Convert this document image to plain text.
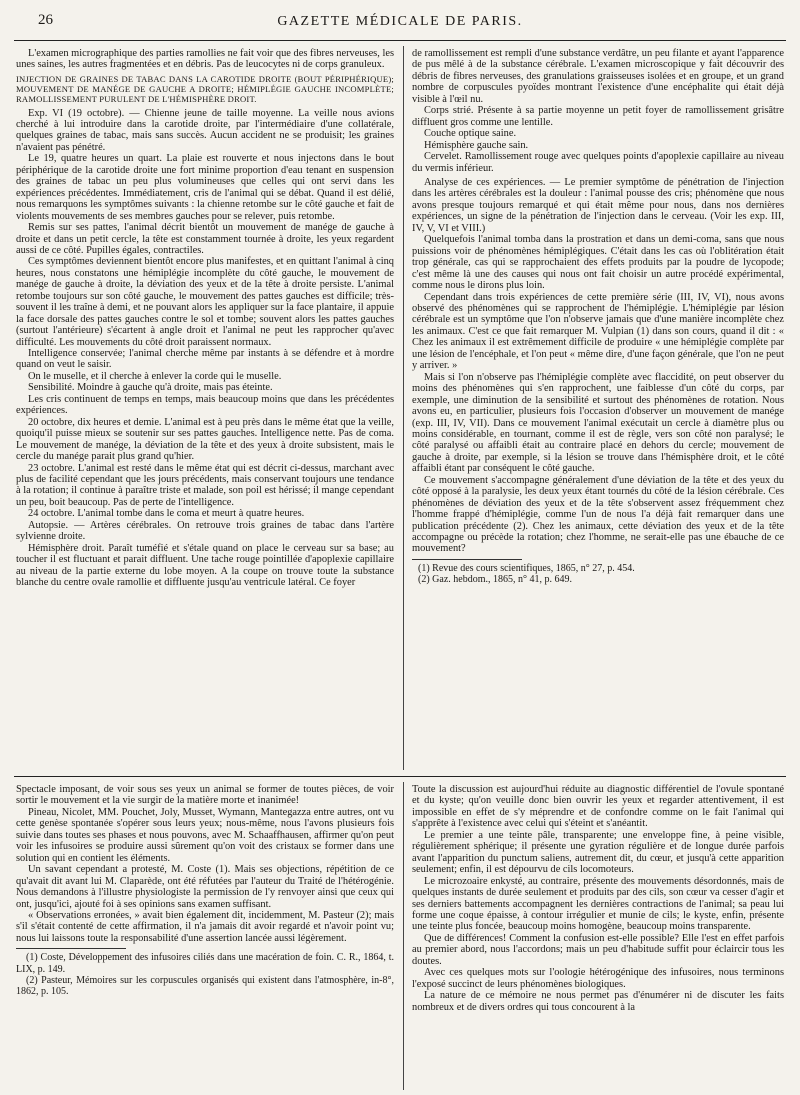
26	GAZETTE MÉDICALE DE PARIS.

L'examen micrographique des parties ramollies ne fait voir que des fibres nerveuses, les unes saines, les autres fragmentées et en débris. Pas de leucocytes ni de corps granuleux.

INJECTION DE GRAINES DE TABAC DANS LA CAROTIDE DROITE (BOUT PÉRIPHÉRIQUE); MOUVEMENT DE MANÉGE DE GAUCHE A DROITE; HÉMIPLÉGIE GAUCHE INCOMPLÈTE; RAMOLLISSEMENT PURULENT DE L'HÉMISPHÈRE DROIT.

Exp. VI (19 octobre). — Chienne jeune de taille moyenne. La veille nous avions cherché à lui introduire dans la carotide droite, par l'intermédiaire d'une collatérale, quelques graines de tabac, mais sans succès. Aucun accident ne se produisit; les graines n'avaient pas pénétré.

Le 19, quatre heures un quart. La plaie est rouverte et nous injectons dans le bout périphérique de la carotide droite une fort minime proportion d'eau tenant en suspension des graines de tabac un peu plus volumineuses que celles qui ont servi dans les expériences précédentes. Immédiatement, cris de l'animal qui se débat. Quand il est délié, nous remarquons les symptômes suivants : la chienne retombe sur le côté gauche et fait de violents mouvements de ses membres gauches pour se relever, puis retombe.

Remis sur ses pattes, l'animal décrit bientôt un mouvement de manége de gauche à droite et dans un petit cercle, la tête est constamment tournée à droite, les yeux regardent aussi de ce côté. Pupilles égales, contractiles.

Ces symptômes deviennent bientôt encore plus manifestes, et en quittant l'animal à cinq heures, nous constatons une hémiplégie incomplète du côté gauche, le mouvement de manége de gauche à droite, la déviation des yeux et de la tête à droite persiste. L'animal retombe toujours sur son côté gauche, le mouvement des pattes gauches est difficile; très-souvent il les traîne à demi, et ne pouvant alors les appliquer sur la face plantaire, il appuie la face dorsale des pattes gauches contre le sol et tombe; souvent alors les pattes gauches (surtout l'antérieure) s'écartent à angle droit et l'animal ne peut les rapprocher qu'avec difficulté. Les mouvements du côté droit paraissent normaux.

Intelligence conservée; l'animal cherche même par instants à se défendre et à mordre quand on veut le saisir.

On le muselle, et il cherche à enlever la corde qui le muselle.

Sensibilité. Moindre à gauche qu'à droite, mais pas éteinte.

Les cris continuent de temps en temps, mais beaucoup moins que dans les précédentes expériences.

20 octobre, dix heures et demie. L'animal est à peu près dans le même état que la veille, quoiqu'il puisse mieux se soutenir sur ses pattes gauches. Intelligence nette. Pas de coma. Le mouvement de manége, la déviation de la tête et des yeux à droite subsistent, mais le cercle du manége parait plus grand qu'hier.

23 octobre. L'animal est resté dans le même état qui est décrit ci-dessus, marchant avec plus de facilité cependant que les jours précédents, mais conservant toujours une tendance à la rotation; il continue à paraître triste et malade, son poil est hérissé; il mange cependant un peu, boit beaucoup. Pas de perte de l'intelligence.

24 octobre. L'animal tombe dans le coma et meurt à quatre heures.

Autopsie. — Artères cérébrales. On retrouve trois graines de tabac dans l'artère sylvienne droite.

Hémisphère droit. Paraît tuméfié et s'étale quand on place le cerveau sur sa base; au toucher il est fluctuant et parait diffluent. Une tache rouge pointillée d'apoplexie capillaire au niveau de la partie externe du lobe moyen. A la coupe on trouve toute la substance blanche du centre ovale ramollie et diffluente jusqu'au ventricule latéral. Ce foyer

de ramollissement est rempli d'une substance verdâtre, un peu filante et ayant l'apparence de pus mêlé à de la substance cérébrale. L'examen microscopique y fait découvrir des débris de fibres nerveuses, des granulations graisseuses isolées et en groupe, et un grand nombre de corpuscules pyoïdes montrant l'existence d'une encéphalite qui était déjà visible à l'œil nu.

Corps strié. Présente à sa partie moyenne un petit foyer de ramollissement grisâtre diffluent gros comme une lentille.

Couche optique saine.

Hémisphère gauche sain.

Cervelet. Ramollissement rouge avec quelques points d'apoplexie capillaire au niveau du vermis inférieur.

Analyse de ces expériences. — Le premier symptôme de pénétration de l'injection dans les artères cérébrales est la douleur : l'animal pousse des cris; phénomène que nous avons presque toujours remarqué et qui était même pour nous, dans nos dernières expériences, un signe de la pénétration de l'injection dans le cerveau. (Voir les exp. III, IV, V, VI et VIII.)

Quelquefois l'animal tomba dans la prostration et dans un demi-coma, sans que nous puissions voir de phénomènes hémiplégiques. C'était dans les cas où l'oblitération était trop générale, cas qui se rapprochaient des effets produits par la poudre de lycopode; c'est même là une des causes qui nous ont fait choisir un autre procédé expérimental, comme nous le dirons plus loin.

Cependant dans trois expériences de cette première série (III, IV, VI), nous avons observé des phénomènes qui se rapprochent de l'hémiplégie. L'hémiplégie par lésion cérébrale est un symptôme que l'on n'observe jamais que d'une manière incomplète chez les animaux. C'est ce que fait remarquer M. Vulpian (1) dans son cours, quand il dit : « Chez les animaux il est extrêmement difficile de produire « une hémiplégie complète par une lésion de l'encéphale, et l'on peut « même dire, d'une façon générale, que l'on ne peut y arriver. »

Mais si l'on n'observe pas l'hémiplégie complète avec flaccidité, on peut observer du moins des phénomènes qui s'en rapprochent, une faiblesse d'un côté du corps, par exemple, une diminution de la sensibilité et surtout des phénomènes de rotation. Nous avons eu, en particulier, plusieurs fois l'occasion d'observer un mouvement de manége (exp. III, IV, VII). Dans ce mouvement l'animal exécutait un cercle à diamètre plus ou moins considérable, en tournant, comme il est de règle, vers son côté non paralysé; le côté paralysé ou affaibli était au contraire placé en dehors du cercle; mouvement de gauche à droite, par exemple, si la lésion se trouve dans l'hémisphère droit, et le côté affaibli étant par conséquent le côté gauche.

Ce mouvement s'accompagne généralement d'une déviation de la tête et des yeux du côté opposé à la paralysie, les deux yeux étant tournés du côté de la lésion cérébrale. Ces phénomènes de déviation des yeux et de la tête s'observent assez fréquemment chez l'homme frappé d'hémiplégie, comme l'un de nous l'a déjà fait remarquer dans une publication précédente (2). Chez les animaux, cette déviation des yeux et de la tête accompagne ou précède la rotation; chez l'homme, ne serait-elle pas une ébauche de ce mouvement?

(1) Revue des cours scientifiques, 1865, n° 27, p. 454.

(2) Gaz. hebdom., 1865, n° 41, p. 649.

Spectacle imposant, de voir sous ses yeux un animal se former de toutes pièces, de voir sortir le mouvement et la vie surgir de la matière morte et inanimée!

Pineau, Nicolet, MM. Pouchet, Joly, Musset, Wymann, Mantegazza entre autres, ont vu cette genèse spontanée s'opérer sous leurs yeux; nous-même, nous l'avons plusieurs fois suivie dans toutes ses phases et nous pouvons, avec M. Schaaffhausen, affirmer qu'on peut voir les infusoires se produire aussi sûrement qu'on voit des cristaux se former dans une solution qui en contient les éléments.

Un savant cependant a protesté, M. Coste (1). Mais ses objections, répétition de ce qu'avait dit avant lui M. Claparède, ont été réfutées par l'auteur du Traité de l'hétérogénie. Nous demandons à l'illustre physiologiste la permission de l'y renvoyer ainsi que ceux qui ont, jusqu'ici, ajouté foi à ses opinions sans examen suffisant.

« Observations erronées, » avait bien également dit, incidemment, M. Pasteur (2); mais s'il s'était contenté de cette affirmation, il n'a jamais dit avoir regardé et n'avoir point vu; nous lui laissons toute la responsabilité d'une assertion lancée aussi légèrement.

(1) Coste, Développement des infusoires ciliés dans une macération de foin. C. R., 1864, t. LIX, p. 149.

(2) Pasteur, Mémoires sur les corpuscules organisés qui existent dans l'atmosphère, in-8°, 1862, p. 105.

Toute la discussion est aujourd'hui réduite au diagnostic différentiel de l'ovule spontané et du kyste; qu'on veuille donc bien ouvrir les yeux et regarder attentivement, il est impossible en effet de s'y méprendre et de confondre comme on le fait l'animal qui s'apprête à l'existence avec celui qui s'éteint et s'anéantit.

Le premier a une teinte pâle, transparente; une enveloppe fine, à peine visible, régulièrement sphérique; il présente une gyration régulière et de longue durée parfois avant l'apparition du punctum saliens, autrement dit, du cœur, et jusqu'à cette apparition seulement; enfin, il est dépourvu de cils locomoteurs.

Le microzoaire enkysté, au contraire, présente des mouvements désordonnés, mais de quelques instants de durée seulement et produits par des cils, son cœur va cesser d'agir et ses derniers battements accompagnent les dernières contractions de l'animal; sa peau lui forme une coque épaisse, à contour irrégulier et munie de cils; le kyste, enfin, présente une teinte plus foncée, beaucoup moins homogène, beaucoup moins transparente.

Que de différences! Comment la confusion est-elle possible? Elle l'est en effet parfois au premier abord, nous l'accordons; mais un peu d'habitude suffit pour éclaircir tous les doutes.

Avec ces quelques mots sur l'oologie hétérogénique des infusoires, nous terminons l'exposé succinct de leurs phénomènes biologiques.

La nature de ce mémoire ne nous permet pas d'énumérer ni de discuter les faits nombreux et de divers ordres qui tous concourent à la
